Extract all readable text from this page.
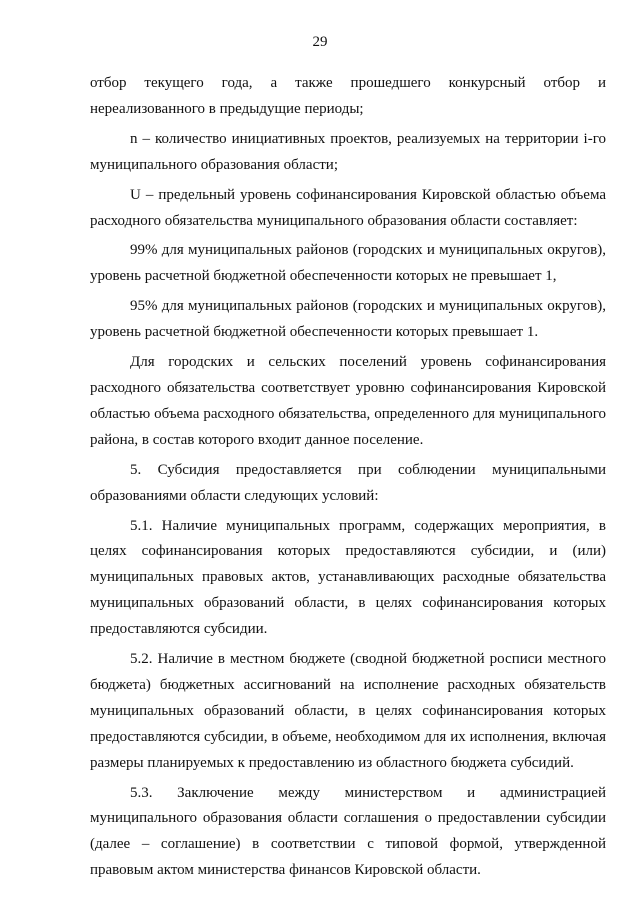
29

отбор текущего года, а также прошедшего конкурсный отбор и нереализованного в предыдущие периоды;

n – количество инициативных проектов, реализуемых на территории i-го муниципального образования области;

U – предельный уровень софинансирования Кировской областью объема расходного обязательства муниципального образования области составляет:

99% для муниципальных районов (городских и муниципальных округов), уровень расчетной бюджетной обеспеченности которых не превышает 1,

95% для муниципальных районов (городских и муниципальных округов), уровень расчетной бюджетной обеспеченности которых превышает 1.

Для городских и сельских поселений уровень софинансирования расходного обязательства соответствует уровню софинансирования Кировской областью объема расходного обязательства, определенного для муниципального района, в состав которого входит данное поселение.

5. Субсидия предоставляется при соблюдении муниципальными образованиями области следующих условий:

5.1. Наличие муниципальных программ, содержащих мероприятия, в целях софинансирования которых предоставляются субсидии, и (или) муниципальных правовых актов, устанавливающих расходные обязательства муниципальных образований области, в целях софинансирования которых предоставляются субсидии.

5.2. Наличие в местном бюджете (сводной бюджетной росписи местного бюджета) бюджетных ассигнований на исполнение расходных обязательств муниципальных образований области, в целях софинансирования которых предоставляются субсидии, в объеме, необходимом для их исполнения, включая размеры планируемых к предоставлению из областного бюджета субсидий.

5.3. Заключение между министерством и администрацией муниципального образования области соглашения о предоставлении субсидии (далее – соглашение) в соответствии с типовой формой, утвержденной правовым актом министерства финансов Кировской области.
